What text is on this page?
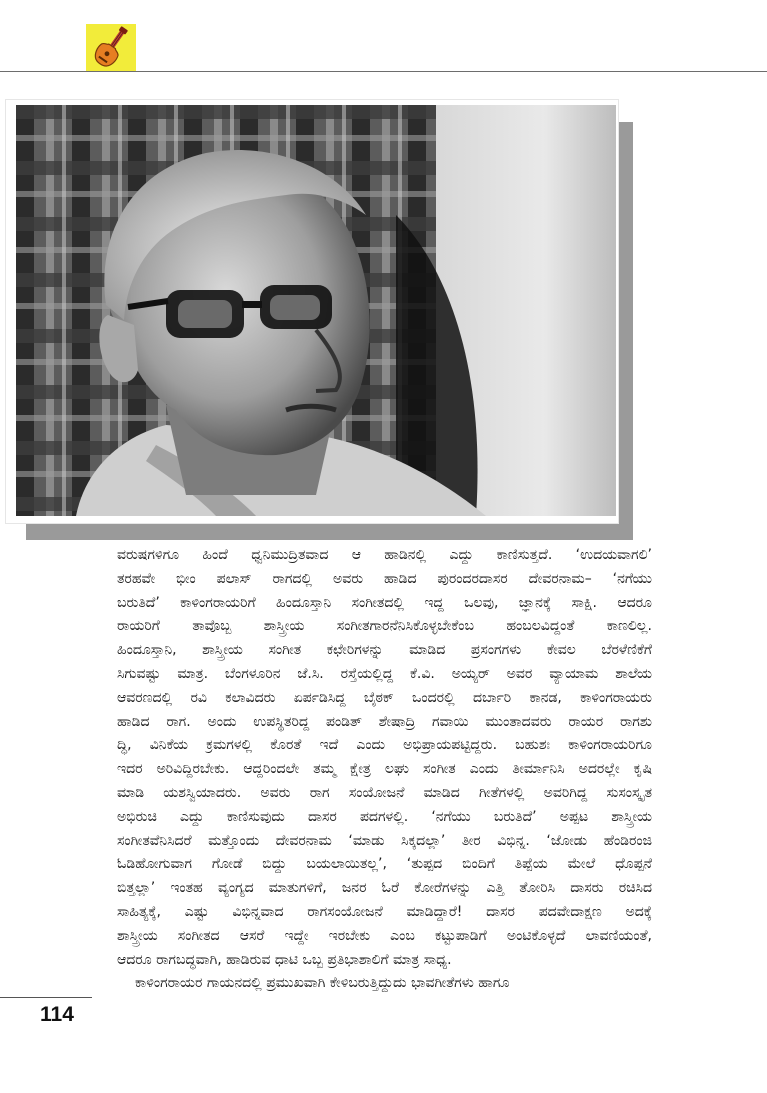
ವರುಷಗಳಿಗೂ ಹಿಂದೆ ಧ್ವನಿಮುದ್ರಿತವಾದ ಆ ಹಾಡಿನಲ್ಲಿ ಎದ್ದು ಕಾಣಿಸುತ್ತದೆ. ‘ಉದಯವಾಗಲಿ’
ತರಹವೇ ಭೀಂ ಪಲಾಸ್ ರಾಗದಲ್ಲಿ ಅವರು ಹಾಡಿದ ಪುರಂದರದಾಸರ ದೇವರನಾಮ– ‘ನಗೆಯು
ಬರುತಿದೆ’ ಕಾಳಿಂಗರಾಯರಿಗೆ ಹಿಂದೂಸ್ತಾನಿ ಸಂಗೀತದಲ್ಲಿ ಇದ್ದ ಒಲವು, ಜ್ಞಾನಕ್ಕೆ ಸಾಕ್ಷಿ. ಆದರೂ
ರಾಯರಿಗೆ ತಾವೊಬ್ಬ ಶಾಸ್ತ್ರೀಯ ಸಂಗೀತಗಾರನೆನಿಸಿಕೊಳ್ಳಬೇಕೆಂಬ ಹಂಬಲವಿದ್ದಂತೆ ಕಾಣಲಿಲ್ಲ.
ಹಿಂದೂಸ್ತಾನಿ, ಶಾಸ್ತ್ರೀಯ ಸಂಗೀತ ಕಛೇರಿಗಳನ್ನು ಮಾಡಿದ ಪ್ರಸಂಗಗಳು ಕೇವಲ ಬೆರಳೆಣಿಕೆಗೆ
ಸಿಗುವಷ್ಟು ಮಾತ್ರ. ಬೆಂಗಳೂರಿನ ಜೆ.ಸಿ. ರಸ್ತೆಯಲ್ಲಿದ್ದ ಕೆ.ವಿ. ಅಯ್ಯರ್ ಅವರ ವ್ಯಾಯಾಮ ಶಾಲೆಯ
ಆವರಣದಲ್ಲಿ ರವಿ ಕಲಾವಿದರು ಏರ್ಪಡಿಸಿದ್ದ ಬೈಠಕ್ ಒಂದರಲ್ಲಿ ದರ್ಬಾರಿ ಕಾನಡ, ಕಾಳಿಂಗರಾಯರು
ಹಾಡಿದ ರಾಗ. ಅಂದು ಉಪಸ್ಥಿತರಿದ್ದ ಪಂಡಿತ್ ಶೇಷಾದ್ರಿ ಗವಾಯಿ ಮುಂತಾದವರು ರಾಯರ ರಾಗಶು
ದ್ಧಿ, ವಿನಿಕೆಯ ಕ್ರಮಗಳಲ್ಲಿ ಕೊರತೆ ಇದೆ ಎಂದು ಅಭಿಪ್ರಾಯಪಟ್ಟಿದ್ದರು. ಬಹುಶಃ ಕಾಳಿಂಗರಾಯರಿಗೂ
ಇದರ ಅರಿವಿದ್ದಿರಬೇಕು. ಆದ್ದರಿಂದಲೇ ತಮ್ಮ ಕ್ಷೇತ್ರ ಲಘು ಸಂಗೀತ ಎಂದು ತೀರ್ಮಾನಿಸಿ ಅದರಲ್ಲೇ ಕೃಷಿ
ಮಾಡಿ ಯಶಸ್ವಿಯಾದರು. ಅವರು ರಾಗ ಸಂಯೋಜನೆ ಮಾಡಿದ ಗೀತೆಗಳಲ್ಲಿ ಅವರಿಗಿದ್ದ ಸುಸಂಸ್ಕೃತ
ಅಭಿರುಚಿ ಎದ್ದು ಕಾಣಿಸುವುದು ದಾಸರ ಪದಗಳಲ್ಲಿ. ‘ನಗೆಯು ಬರುತಿದೆ’ ಅಪ್ಪಟ ಶಾಸ್ತ್ರೀಯ
ಸಂಗೀತವೆನಿಸಿದರೆ ಮತ್ತೊಂದು ದೇವರನಾಮ ‘ಮಾಡು ಸಿಕ್ಕದಲ್ಲಾ’ ತೀರ ವಿಭಿನ್ನ. ‘ಜೋಡು ಹೆಂಡಿರಂಜಿ
ಓಡಿಹೋಗುವಾಗ ಗೋಡೆ ಬಿದ್ದು ಬಯಲಾಯಿತಲ್ಲ’, ‘ತುಪ್ಪದ ಬಿಂದಿಗೆ ತಿಪ್ಪೆಯ ಮೇಲೆ ಧೊಪ್ಪನೆ
ಬಿತ್ತಲ್ಲಾ’ ಇಂತಹ ವ್ಯಂಗ್ಯದ ಮಾತುಗಳಿಗೆ, ಜನರ ಓರೆ ಕೋರೆಗಳನ್ನು ಎತ್ತಿ ತೋರಿಸಿ ದಾಸರು ರಚಿಸಿದ
ಸಾಹಿತ್ಯಕ್ಕೆ, ಎಷ್ಟು ವಿಭಿನ್ನವಾದ ರಾಗಸಂಯೋಜನೆ ಮಾಡಿದ್ದಾರೆ! ದಾಸರ ಪದವೇದಾಕ್ಷಣ ಅದಕ್ಕೆ
ಶಾಸ್ತ್ರೀಯ ಸಂಗೀತದ ಆಸರೆ ಇದ್ದೇ ಇರಬೇಕು ಎಂಬ ಕಟ್ಟುಪಾಡಿಗೆ ಅಂಟಿಕೊಳ್ಳದೆ ಲಾವಣಿಯಂತೆ,
ಆದರೂ ರಾಗಬದ್ಧವಾಗಿ, ಹಾಡಿರುವ ಧಾಟಿ ಒಬ್ಬ ಪ್ರತಿಭಾಶಾಲಿಗೆ ಮಾತ್ರ ಸಾಧ್ಯ.

ಕಾಳಿಂಗರಾಯರ ಗಾಯನದಲ್ಲಿ ಪ್ರಮುಖವಾಗಿ ಕೇಳಿಬರುತ್ತಿದ್ದುದು ಭಾವಗೀತೆಗಳು ಹಾಗೂ

114
